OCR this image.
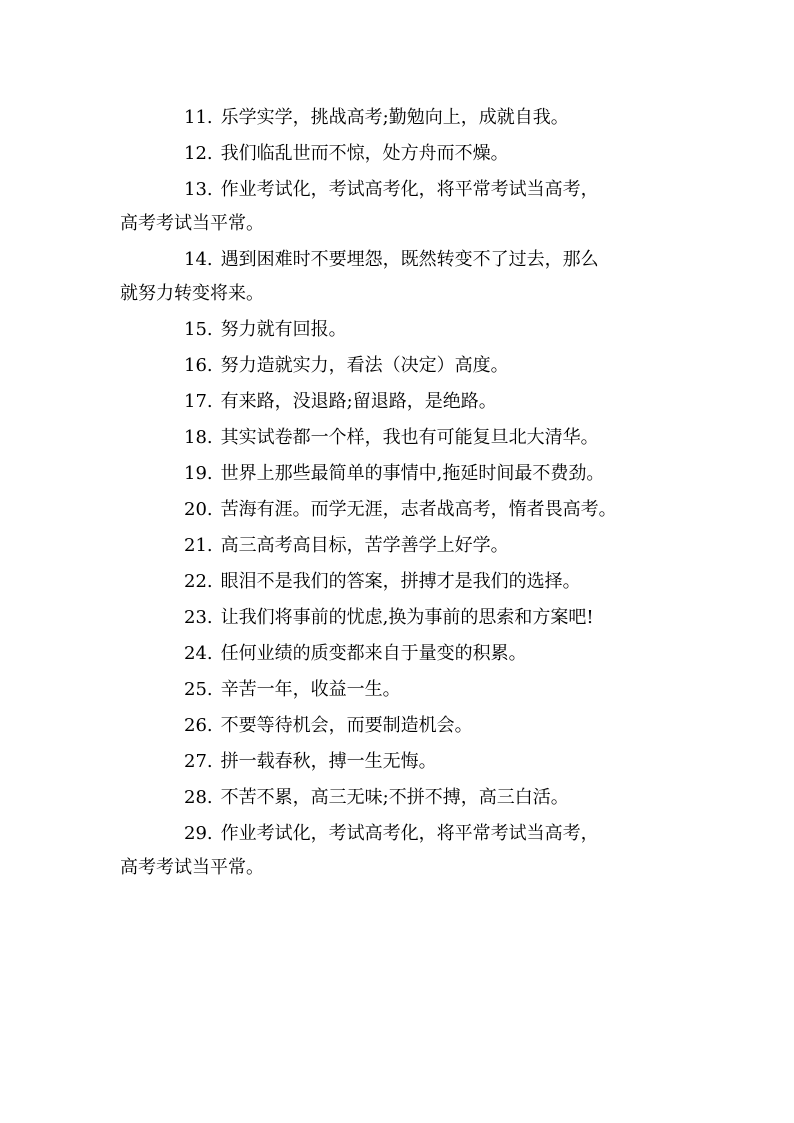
11. 乐学实学，挑战高考;勤勉向上，成就自我。

12. 我们临乱世而不惊，处方舟而不燥。

13. 作业考试化，考试高考化，将平常考试当高考，
高考考试当平常。

14. 遇到困难时不要埋怨，既然转变不了过去，那么
就努力转变将来。

15. 努力就有回报。

16. 努力造就实力，看法（决定）高度。

17. 有来路，没退路;留退路，是绝路。

18. 其实试卷都一个样，我也有可能复旦北大清华。

19. 世界上那些最简单的事情中,拖延时间最不费劲。

20. 苦海有涯。而学无涯，志者战高考，惰者畏高考。

21. 高三高考高目标，苦学善学上好学。

22. 眼泪不是我们的答案，拼搏才是我们的选择。

23. 让我们将事前的忧虑,换为事前的思索和方案吧!

24. 任何业绩的质变都来自于量变的积累。

25. 辛苦一年，收益一生。

26. 不要等待机会，而要制造机会。

27. 拼一载春秋，搏一生无悔。

28. 不苦不累，高三无味;不拼不搏，高三白活。

29. 作业考试化，考试高考化，将平常考试当高考，
高考考试当平常。
